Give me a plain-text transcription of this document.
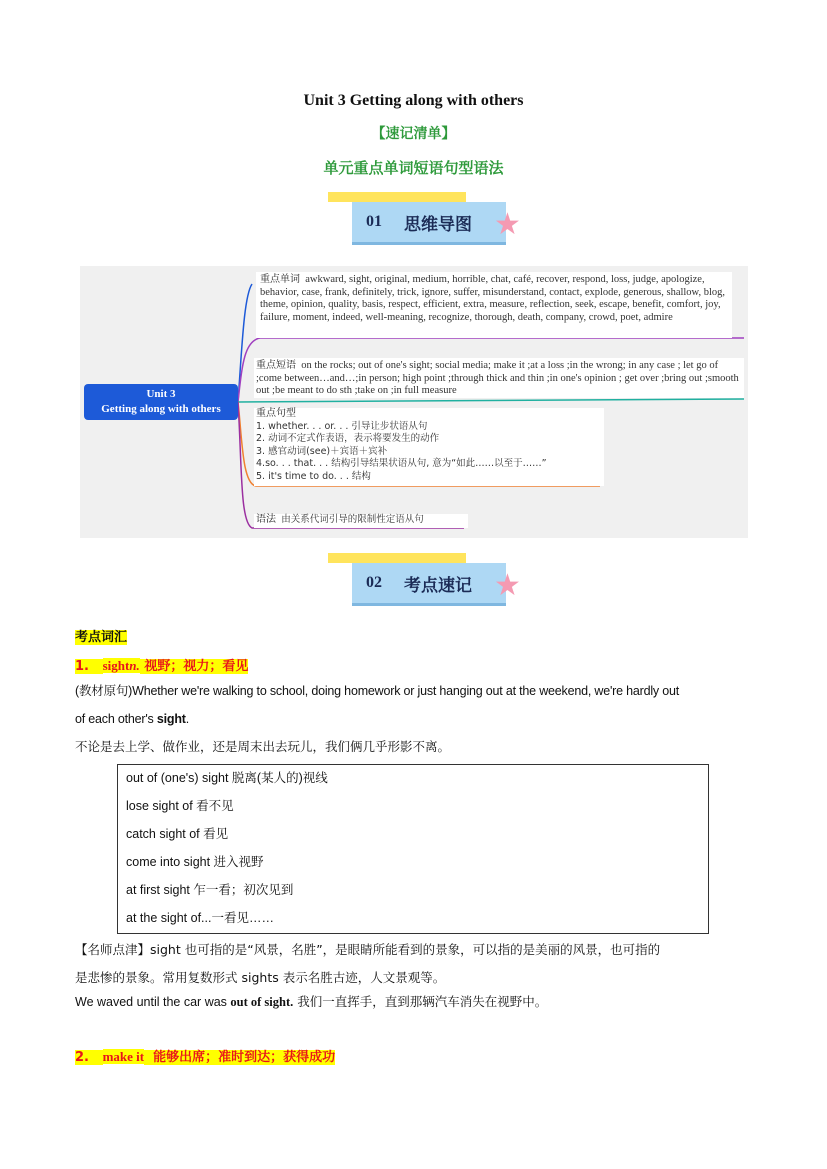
Unit 3 Getting along with others
【速记清单】
单元重点单词短语句型语法
01 思维导图 ★
Unit 3
Getting along with others
重点单词 awkward, sight, original, medium, horrible, chat, café, recover, respond, loss, judge, apologize, behavior, case, frank, definitely, trick, ignore, suffer, misunderstand, contact, explode, generous, shallow, blog, theme, opinion, quality, basis, respect, efficient, extra, measure, reflection, seek, escape, benefit, comfort, joy, failure, moment, indeed, well-meaning, recognize, thorough, death, company, crowd, poet, admire
重点短语 on the rocks; out of one's sight; social media; make it ;at a loss ;in the wrong; in any case ; let go of ;come between…and…;in person; high point ;through thick and thin ;in one's opinion ; get over ;bring out ;smooth out ;be meant to do sth ;take on ;in full measure
重点句型
1. whether. . . or. . . 引导让步状语从句
2. 动词不定式作表语，表示将要发生的动作
3. 感官动词(see)＋宾语＋宾补
4.so. . . that. . . 结构引导结果状语从句, 意为“如此……以至于……”
5. it's time to do. . . 结构
语法 由关系代词引导的限制性定语从句
02 考点速记 ★
考点词汇
1. sightn. 视野；视力；看见
(教材原句)Whether we're walking to school, doing homework or just hanging out at the weekend, we're hardly out
of each other's sight.
不论是去上学、做作业，还是周末出去玩儿，我们俩几乎形影不离。
out of (one's) sight 脱离(某人的)视线
lose sight of 看不见
catch sight of 看见
come into sight 进入视野
at first sight 乍一看；初次见到
at the sight of...一看见……
【名师点津】sight 也可指的是“风景，名胜”，是眼睛所能看到的景象，可以指的是美丽的风景，也可指的
是悲惨的景象。常用复数形式 sights 表示名胜古迹，人文景观等。
We waved until the car was out of sight. 我们一直挥手，直到那辆汽车消失在视野中。
2. make it 能够出席；准时到达；获得成功
